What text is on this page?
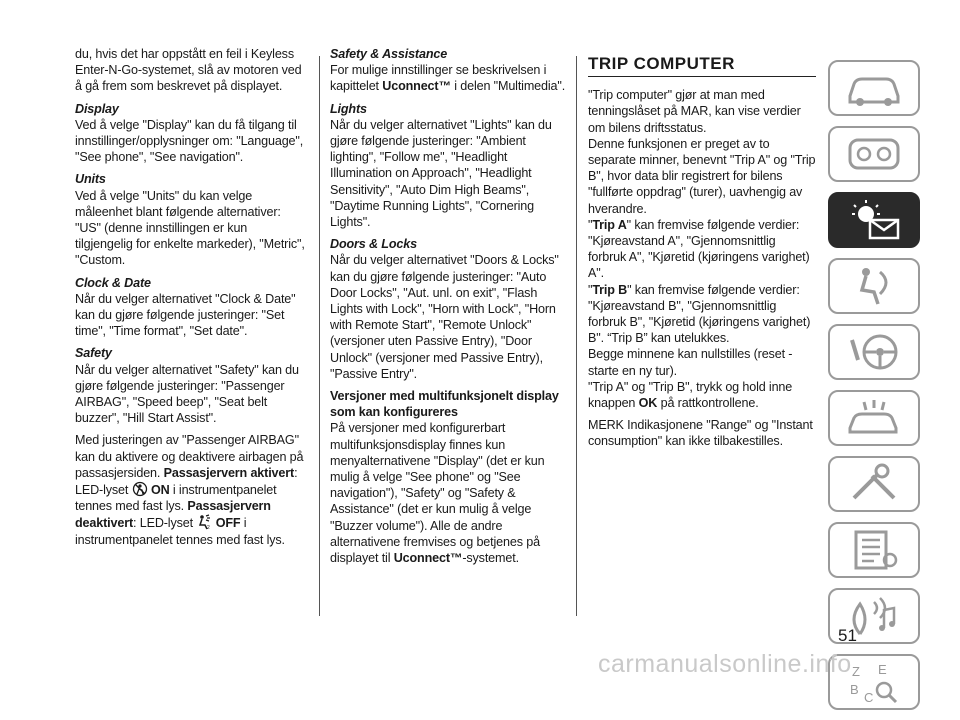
du, hvis det har oppstått en feil i Keyless Enter-N-Go-systemet, slå av motoren ved å gå frem som beskrevet på displayet.

Display

Ved å velge "Display" kan du få tilgang til innstillinger/opplysninger om: "Language", "See phone", "See navigation".

Units

Ved å velge "Units" du kan velge måleenhet blant følgende alternativer: "US" (denne innstillingen er kun tilgjengelig for enkelte markeder), "Metric", "Custom.

Clock & Date

Når du velger alternativet "Clock & Date" kan du gjøre følgende justeringer: "Set time", "Time format", "Set date".

Safety

Når du velger alternativet "Safety" kan du gjøre følgende justeringer: "Passenger AIRBAG", "Speed beep", "Seat belt buzzer", "Hill Start Assist".

Med justeringen av "Passenger AIRBAG" kan du aktivere og deaktivere airbagen på passasjersiden. Passasjervern aktivert: LED-lyset ON i instrumentpanelet tennes med fast lys. Passasjervern deaktivert: LED-lyset	2 OFF i instrumentpanelet tennes med fast lys.

Safety & Assistance

For mulige innstillinger se beskrivelsen i kapittelet Uconnect™ i delen "Multimedia".

Lights

Når du velger alternativet "Lights" kan du gjøre følgende justeringer: "Ambient lighting", "Follow me", "Headlight Illumination on Approach", "Headlight Sensitivity", "Auto Dim High Beams", "Daytime Running Lights", "Cornering Lights".

Doors & Locks

Når du velger alternativet "Doors & Locks" kan du gjøre følgende justeringer: "Auto Door Locks", "Aut. unl. on exit", "Flash Lights with Lock", "Horn with Lock", "Horn with Remote Start", "Remote Unlock" (versjoner uten Passive Entry), "Door Unlock" (versjoner med Passive Entry), "Passive Entry".

Versjoner med multifunksjonelt display som kan konfigureres

På versjoner med konfigurerbart multifunksjonsdisplay finnes kun menyalternativene "Display" (det er kun mulig å velge "See phone" og "See navigation"), "Safety" og "Safety & Assistance" (det er kun mulig å velge "Buzzer volume"). Alle de andre alternativene fremvises og betjenes på displayet til Uconnect™-systemet.

TRIP COMPUTER

"Trip computer" gjør at man med tenningslåset på MAR, kan vise verdier om bilens driftsstatus.

Denne funksjonen er preget av to separate minner, benevnt "Trip A" og "Trip B", hvor data blir registrert for bilens "fullførte oppdrag" (turer), uavhengig av hverandre.

"Trip A" kan fremvise følgende verdier: "Kjøreavstand A", "Gjennomsnittlig forbruk A", "Kjøretid (kjøringens varighet) A".

"Trip B" kan fremvise følgende verdier: "Kjøreavstand B", "Gjennomsnittlig forbruk B", "Kjøretid (kjøringens varighet) B". “Trip B” kan utelukkes.

Begge minnene kan nullstilles (reset - starte en ny tur).

"Trip A" og "Trip B", trykk og hold inne knappen OK på rattkontrollene.

MERK Indikasjonene "Range" og "Instant consumption" kan ikke tilbakestilles.

Z E
B
C
51
carmanualsonline.info
